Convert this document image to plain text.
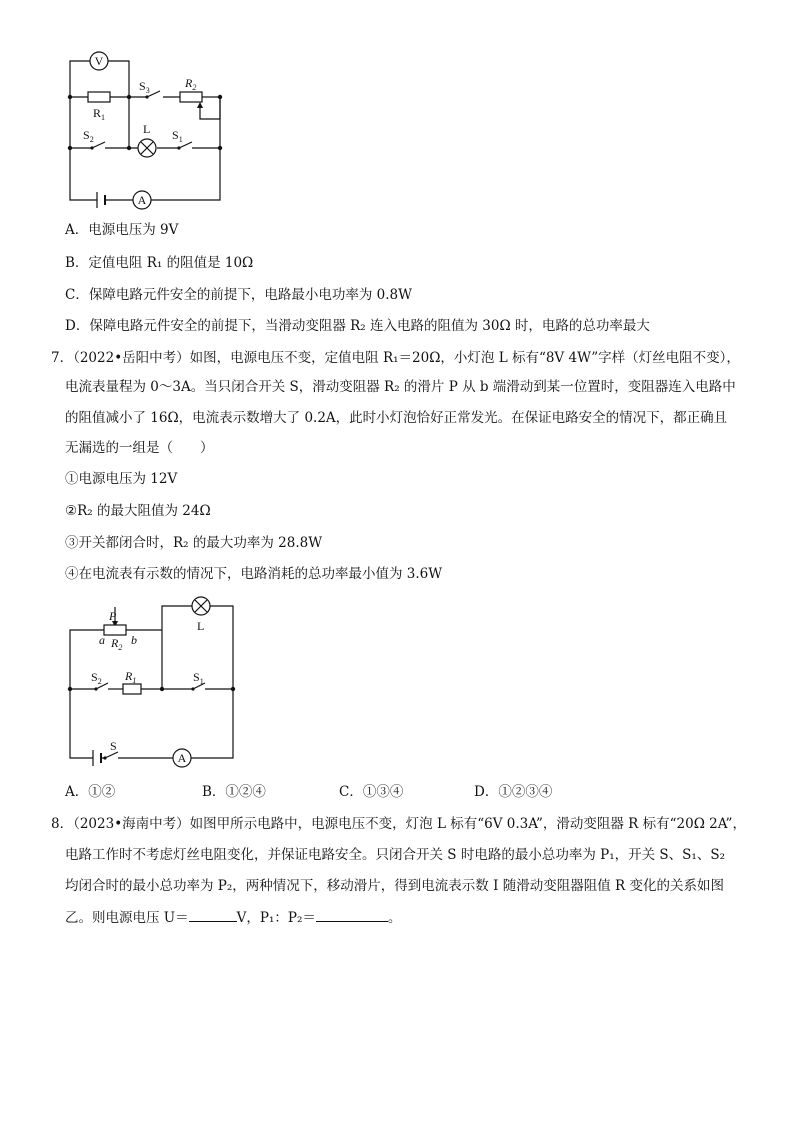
V
$R_1$
$S_3$
$R_2$
$S_2$
L $S_1$
A
A．电源电压为 9V
B．定值电阻 R₁ 的阻值是 10Ω
C．保障电路元件安全的前提下，电路最小电功率为 0.8W
D．保障电路元件安全的前提下，当滑动变阻器 R₂ 连入电路的阻值为 30Ω 时，电路的总功率最大
7．（2022•岳阳中考）如图，电源电压不变，定值电阻 R₁＝20Ω，小灯泡 L 标有“8V 4W”字样（灯丝电阻不变），
电流表量程为 0～3A。当只闭合开关 S，滑动变阻器 R₂ 的滑片 P 从 b 端滑动到某一位置时，变阻器连入电路中
的阻值减小了 16Ω，电流表示数增大了 0.2A，此时小灯泡恰好正常发光。在保证电路安全的情况下，都正确且
无漏选的一组是（　　）
①电源电压为 12V
②R₂ 的最大阻值为 24Ω
③开关都闭合时，R₂ 的最大功率为 28.8W
④在电流表有示数的情况下，电路消耗的总功率最小值为 3.6W
P
a b
$R_2$
L
$S_2$ $R_1$	$S_1$
S
A
A．①②	B．①②④	C．①③④	D．①②③④
8．（2023•海南中考）如图甲所示电路中，电源电压不变，灯泡 L 标有“6V 0.3A”，滑动变阻器 R 标有“20Ω 2A”，
电路工作时不考虑灯丝电阻变化，并保证电路安全。只闭合开关 S 时电路的最小总功率为 P₁，开关 S、S₁、S₂
均闭合时的最小总功率为 P₂，两种情况下，移动滑片，得到电流表示数 I 随滑动变阻器阻值 R 变化的关系如图
乙。则电源电压 U＝	V，P₁：P₂＝	。
